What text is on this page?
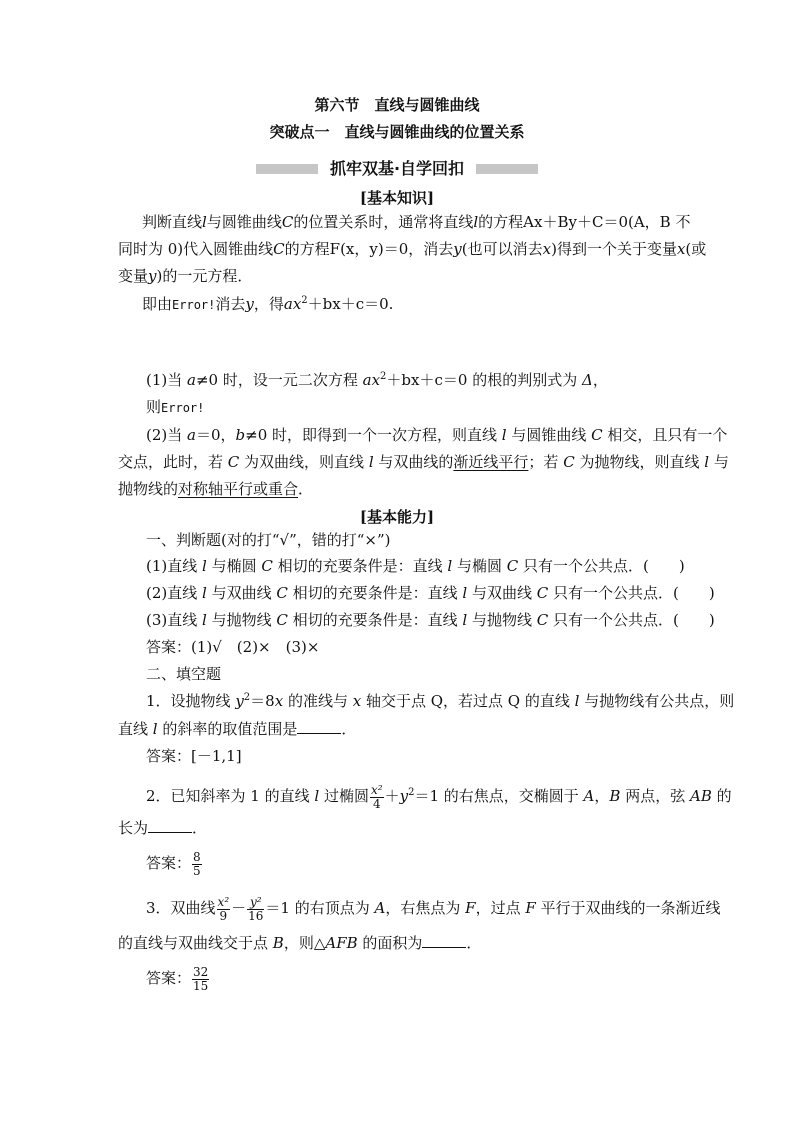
第六节　直线与圆锥曲线
突破点一　直线与圆锥曲线的位置关系
抓牢双基·自学回扣
[基本知识]
判断直线l与圆锥曲线C的位置关系时，通常将直线l的方程Ax＋By＋C＝0(A，B 不
同时为 0)代入圆锥曲线C的方程F(x，y)＝0，消去y(也可以消去x)得到一个关于变量x(或
变量y)的一元方程．
即由Error!消去y，得$ax^2+bx+c=0$.
(1)当 a≠0 时，设一元二次方程 $ax^2+bx+c=0$ 的根的判别式为 Δ，
则Error!
(2)当 a＝0，b≠0 时，即得到一个一次方程，则直线 l 与圆锥曲线 C 相交，且只有一个
交点，此时，若 C 为双曲线，则直线 l 与双曲线的渐近线平行；若 C 为抛物线，则直线 l 与
抛物线的对称轴平行或重合．
[基本能力]
一、判断题(对的打“√”，错的打“×”)
(1)直线 l 与椭圆 C 相切的充要条件是：直线 l 与椭圆 C 只有一个公共点．(　　)
(2)直线 l 与双曲线 C 相切的充要条件是：直线 l 与双曲线 C 只有一个公共点．(　　)
(3)直线 l 与抛物线 C 相切的充要条件是：直线 l 与抛物线 C 只有一个公共点．(　　)
答案：(1)√　(2)×　(3)×
二、填空题
1．设抛物线 $y^2=8x$ 的准线与 x 轴交于点 Q，若过点 Q 的直线 l 与抛物线有公共点，则
直线 l 的斜率的取值范围是	．
答案：[－1,1]
2．已知斜率为 1 的直线 l 过椭圆 $\frac{\text{x²}}{4} +y^2=1$ 的右焦点，交椭圆于 A，B 两点，弦 AB 的
长为	．
答案： $\frac{8}{5}$
3．双曲线 $\frac{\text{x²}}{9} - \frac{\text{y²}}{16} =1$ 的右顶点为 A，右焦点为 F，过点 F 平行于双曲线的一条渐近线
的直线与双曲线交于点 B，则△AFB 的面积为	．
答案： $\frac{32}{15}$
